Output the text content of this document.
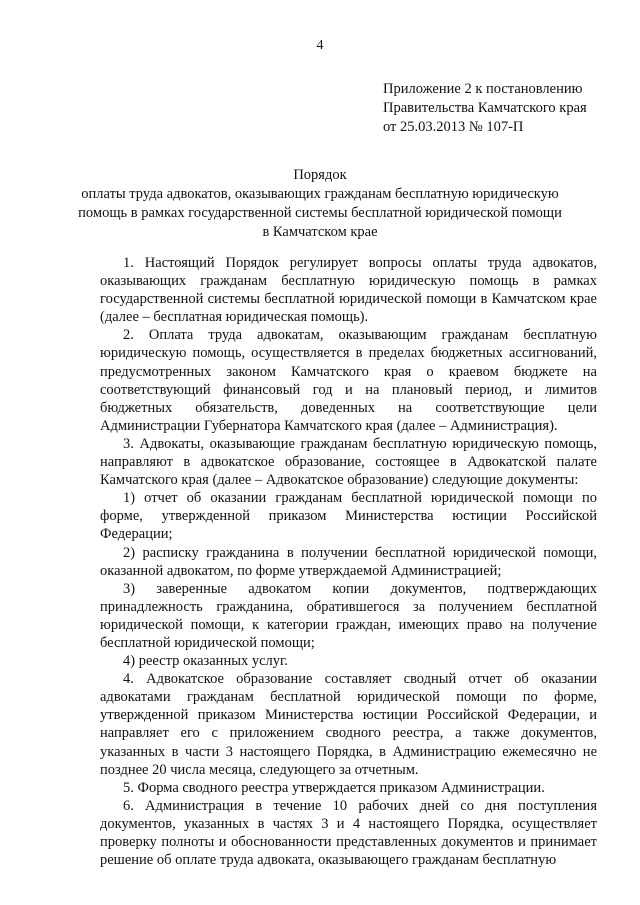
4
Приложение 2 к постановлению
Правительства Камчатского края
от 25.03.2013 № 107-П
Порядок
оплаты труда адвокатов, оказывающих гражданам бесплатную юридическую
помощь в рамках государственной системы бесплатной юридической помощи
в Камчатском крае

1. Настоящий Порядок регулирует вопросы оплаты труда адвокатов, оказывающих гражданам бесплатную юридическую помощь в рамках государственной системы бесплатной юридической помощи в Камчатском крае (далее – бесплатная юридическая помощь).

2. Оплата труда адвокатам, оказывающим гражданам бесплатную юридическую помощь, осуществляется в пределах бюджетных ассигнований, предусмотренных законом Камчатского края о краевом бюджете на соответствующий финансовый год и на плановый период, и лимитов бюджетных обязательств, доведенных на соответствующие цели Администрации Губернатора Камчатского края (далее – Администрация).

3. Адвокаты, оказывающие гражданам бесплатную юридическую помощь, направляют в адвокатское образование, состоящее в Адвокатской палате Камчатского края (далее – Адвокатское образование) следующие документы:

1) отчет об оказании гражданам бесплатной юридической помощи по форме, утвержденной приказом Министерства юстиции Российской Федерации;

2) расписку гражданина в получении бесплатной юридической помощи, оказанной адвокатом, по форме утверждаемой Администрацией;

3) заверенные адвокатом копии документов, подтверждающих принадлежность гражданина, обратившегося за получением бесплатной юридической помощи, к категории граждан, имеющих право на получение бесплатной юридической помощи;

4) реестр оказанных услуг.

4. Адвокатское образование составляет сводный отчет об оказании адвокатами гражданам бесплатной юридической помощи по форме, утвержденной приказом Министерства юстиции Российской Федерации, и направляет его с приложением сводного реестра, а также документов, указанных в части 3 настоящего Порядка, в Администрацию ежемесячно не позднее 20 числа месяца, следующего за отчетным.

5. Форма сводного реестра утверждается приказом Администрации.

6. Администрация в течение 10 рабочих дней со дня поступления документов, указанных в частях 3 и 4 настоящего Порядка, осуществляет проверку полноты и обоснованности представленных документов и принимает решение об оплате труда адвоката, оказывающего гражданам бесплатную
